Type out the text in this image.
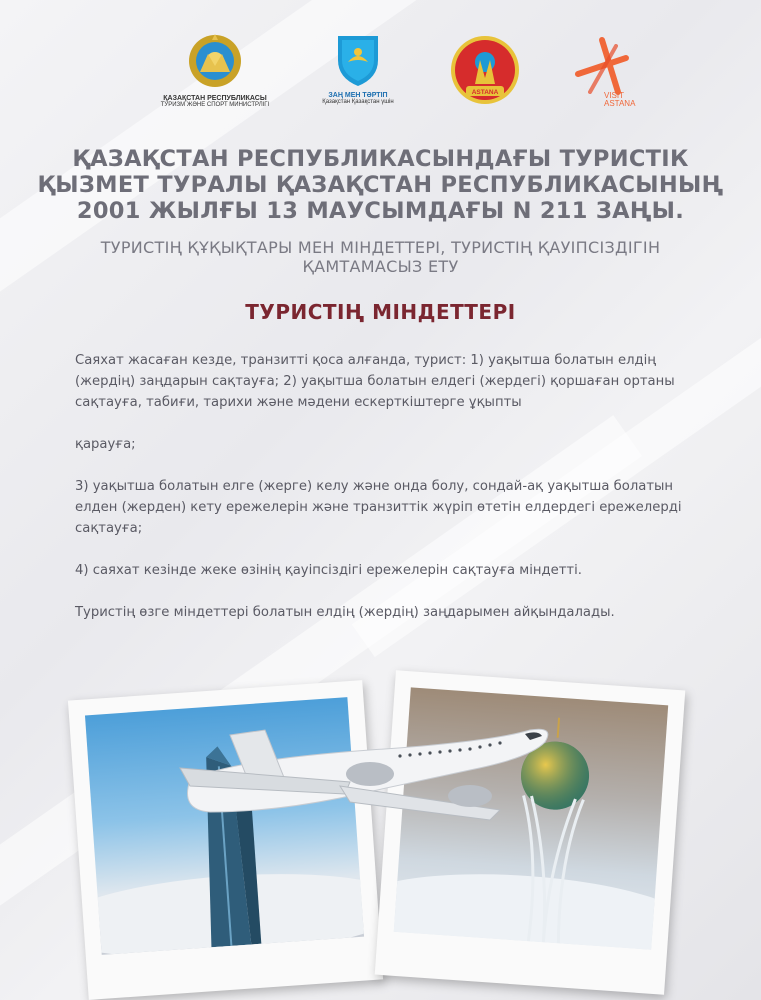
ҚАЗАҚСТАН РЕСПУБЛИКАСЫ
ТУРИЗМ ЖӘНЕ СПОРТ МИНИСТРЛІГІ
ЗАҢ МЕН ТӘРТІП
Қазақстан Қазақстан үшін
ASTANA	VISIT
ASTANA
ҚАЗАҚСТАН РЕСПУБЛИКАСЫНДАҒЫ ТУРИСТІК ҚЫЗМЕТ ТУРАЛЫ ҚАЗАҚСТАН РЕСПУБЛИКАСЫНЫҢ 2001 ЖЫЛҒЫ 13 МАУСЫМДАҒЫ N 211 ЗАҢЫ.
ТУРИСТІҢ ҚҰҚЫҚТАРЫ МЕН МІНДЕТТЕРІ, ТУРИСТІҢ ҚАУІПСІЗДІГІН ҚАМТАМАСЫЗ ЕТУ
ТУРИСТІҢ МІНДЕТТЕРІ

Саяхат жасаған кезде, транзитті қоса алғанда, турист: 1) уақытша болатын елдің (жердің) заңдарын сақтауға; 2) уақытша болатын елдегі (жердегі) қоршаған ортаны сақтауға, табиғи, тарихи және мәдени ескерткіштерге ұқыпты

қарауға;

3) уақытша болатын елге (жерге) келу және онда болу, сондай-ақ уақытша болатын елден (жерден) кету ережелерін және транзиттік жүріп өтетін елдердегі ережелерді сақтауға;

4) саяхат кезінде жеке өзінің қауіпсіздігі ережелерін сақтауға міндетті.

Туристің өзге міндеттері болатын елдің (жердің) заңдарымен айқындалады.
